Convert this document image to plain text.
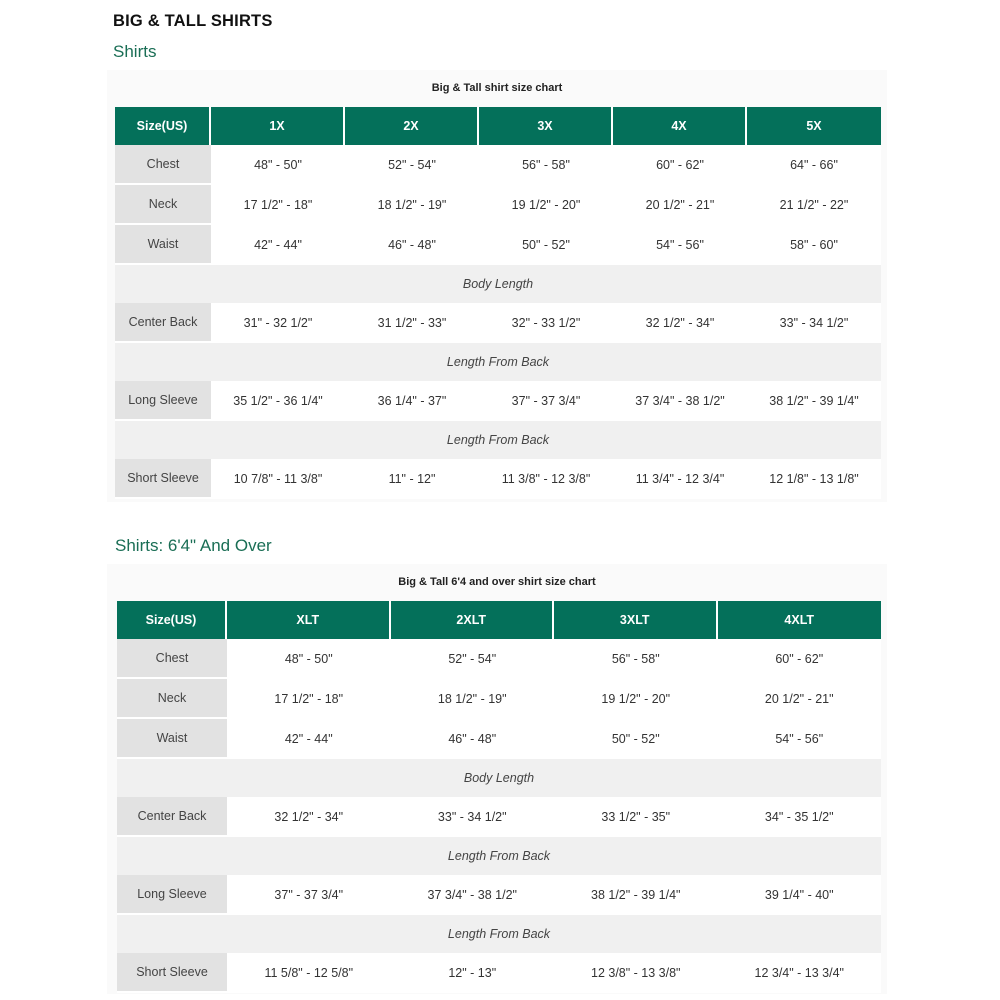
BIG & TALL SHIRTS
Shirts
Big & Tall shirt size chart
Size(US)	1X	2X	3X	4X	5X
Chest	48" - 50"	52" - 54"	56" - 58"	60" - 62"	64" - 66"
Neck	17 1/2" - 18"	18 1/2" - 19"	19 1/2" - 20"	20 1/2" - 21"	21 1/2" - 22"
Waist	42" - 44"	46" - 48"	50" - 52"	54" - 56"	58" - 60"
Body Length					
Center Back	31" - 32 1/2"	31 1/2" - 33"	32" - 33 1/2"	32 1/2" - 34"	33" - 34 1/2"
Length From Back					
Long Sleeve	35 1/2" - 36 1/4"	36 1/4" - 37"	37" - 37 3/4"	37 3/4" - 38 1/2"	38 1/2" - 39 1/4"
Length From Back					
Short Sleeve	10 7/8" - 11 3/8"	11" - 12"	11 3/8" - 12 3/8"	11 3/4" - 12 3/4"	12 1/8" - 13 1/8"
Shirts: 6'4" And Over
Big & Tall 6'4 and over shirt size chart
Size(US)	XLT	2XLT	3XLT	4XLT
Chest	48" - 50"	52" - 54"	56" - 58"	60" - 62"
Neck	17 1/2" - 18"	18 1/2" - 19"	19 1/2" - 20"	20 1/2" - 21"
Waist	42" - 44"	46" - 48"	50" - 52"	54" - 56"
Body Length				
Center Back	32 1/2" - 34"	33" - 34 1/2"	33 1/2" - 35"	34" - 35 1/2"
Length From Back				
Long Sleeve	37" - 37 3/4"	37 3/4" - 38 1/2"	38 1/2" - 39 1/4"	39 1/4" - 40"
Length From Back				
Short Sleeve	11 5/8" - 12 5/8"	12" - 13"	12 3/8" - 13 3/8"	12 3/4" - 13 3/4"
